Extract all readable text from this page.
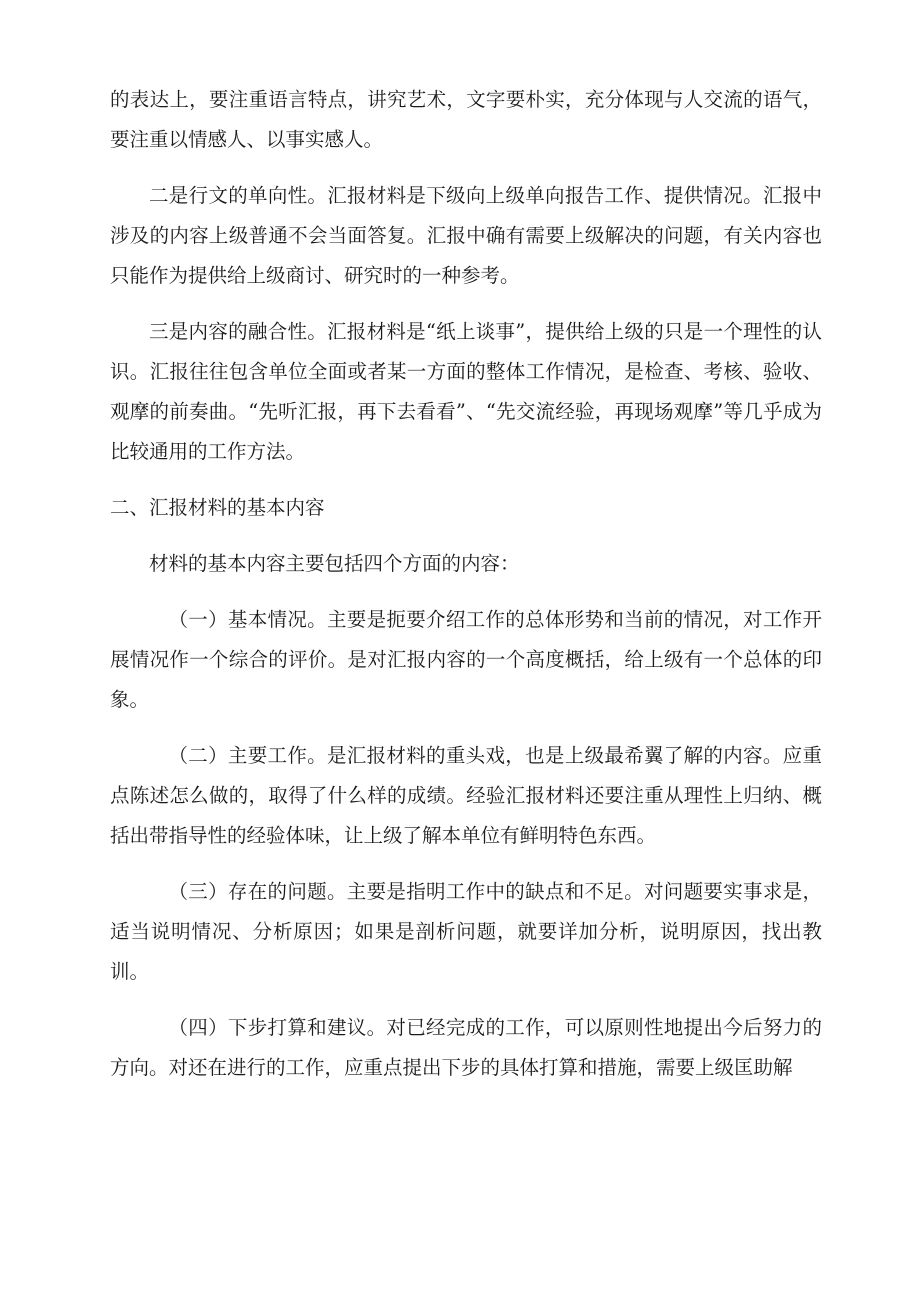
的表达上，要注重语言特点，讲究艺术，文字要朴实，充分体现与人交流的语气，要注重以情感人、以事实感人。

二是行文的单向性。汇报材料是下级向上级单向报告工作、提供情况。汇报中涉及的内容上级普通不会当面答复。汇报中确有需要上级解决的问题，有关内容也只能作为提供给上级商讨、研究时的一种参考。

三是内容的融合性。汇报材料是“纸上谈事”，提供给上级的只是一个理性的认识。汇报往往包含单位全面或者某一方面的整体工作情况，是检查、考核、验收、观摩的前奏曲。“先听汇报，再下去看看”、“先交流经验，再现场观摩”等几乎成为比较通用的工作方法。

二、汇报材料的基本内容

材料的基本内容主要包括四个方面的内容：

（一）基本情况。主要是扼要介绍工作的总体形势和当前的情况，对工作开展情况作一个综合的评价。是对汇报内容的一个高度概括，给上级有一个总体的印象。

（二）主要工作。是汇报材料的重头戏，也是上级最希翼了解的内容。应重点陈述怎么做的，取得了什么样的成绩。经验汇报材料还要注重从理性上归纳、概括出带指导性的经验体味，让上级了解本单位有鲜明特色东西。

（三）存在的问题。主要是指明工作中的缺点和不足。对问题要实事求是，适当说明情况、分析原因；如果是剖析问题，就要详加分析，说明原因，找出教训。

（四）下步打算和建议。对已经完成的工作，可以原则性地提出今后努力的方向。对还在进行的工作，应重点提出下步的具体打算和措施，需要上级匡助解
